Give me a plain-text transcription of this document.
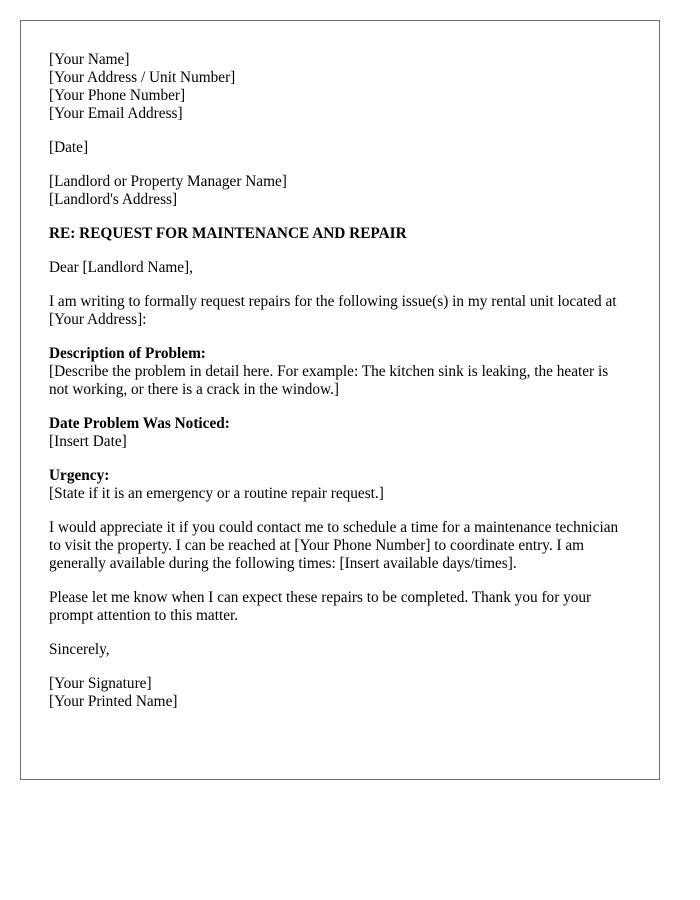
[Your Name]
[Your Address / Unit Number]
[Your Phone Number]
[Your Email Address]
[Date]
[Landlord or Property Manager Name]
[Landlord's Address]
RE: REQUEST FOR MAINTENANCE AND REPAIR
Dear [Landlord Name],
I am writing to formally request repairs for the following issue(s) in my rental unit located at [Your Address]:
Description of Problem:
[Describe the problem in detail here. For example: The kitchen sink is leaking, the heater is not working, or there is a crack in the window.]
Date Problem Was Noticed:
[Insert Date]
Urgency:
[State if it is an emergency or a routine repair request.]
I would appreciate it if you could contact me to schedule a time for a maintenance technician to visit the property. I can be reached at [Your Phone Number] to coordinate entry. I am generally available during the following times: [Insert available days/times].
Please let me know when I can expect these repairs to be completed. Thank you for your prompt attention to this matter.
Sincerely,
[Your Signature]
[Your Printed Name]
